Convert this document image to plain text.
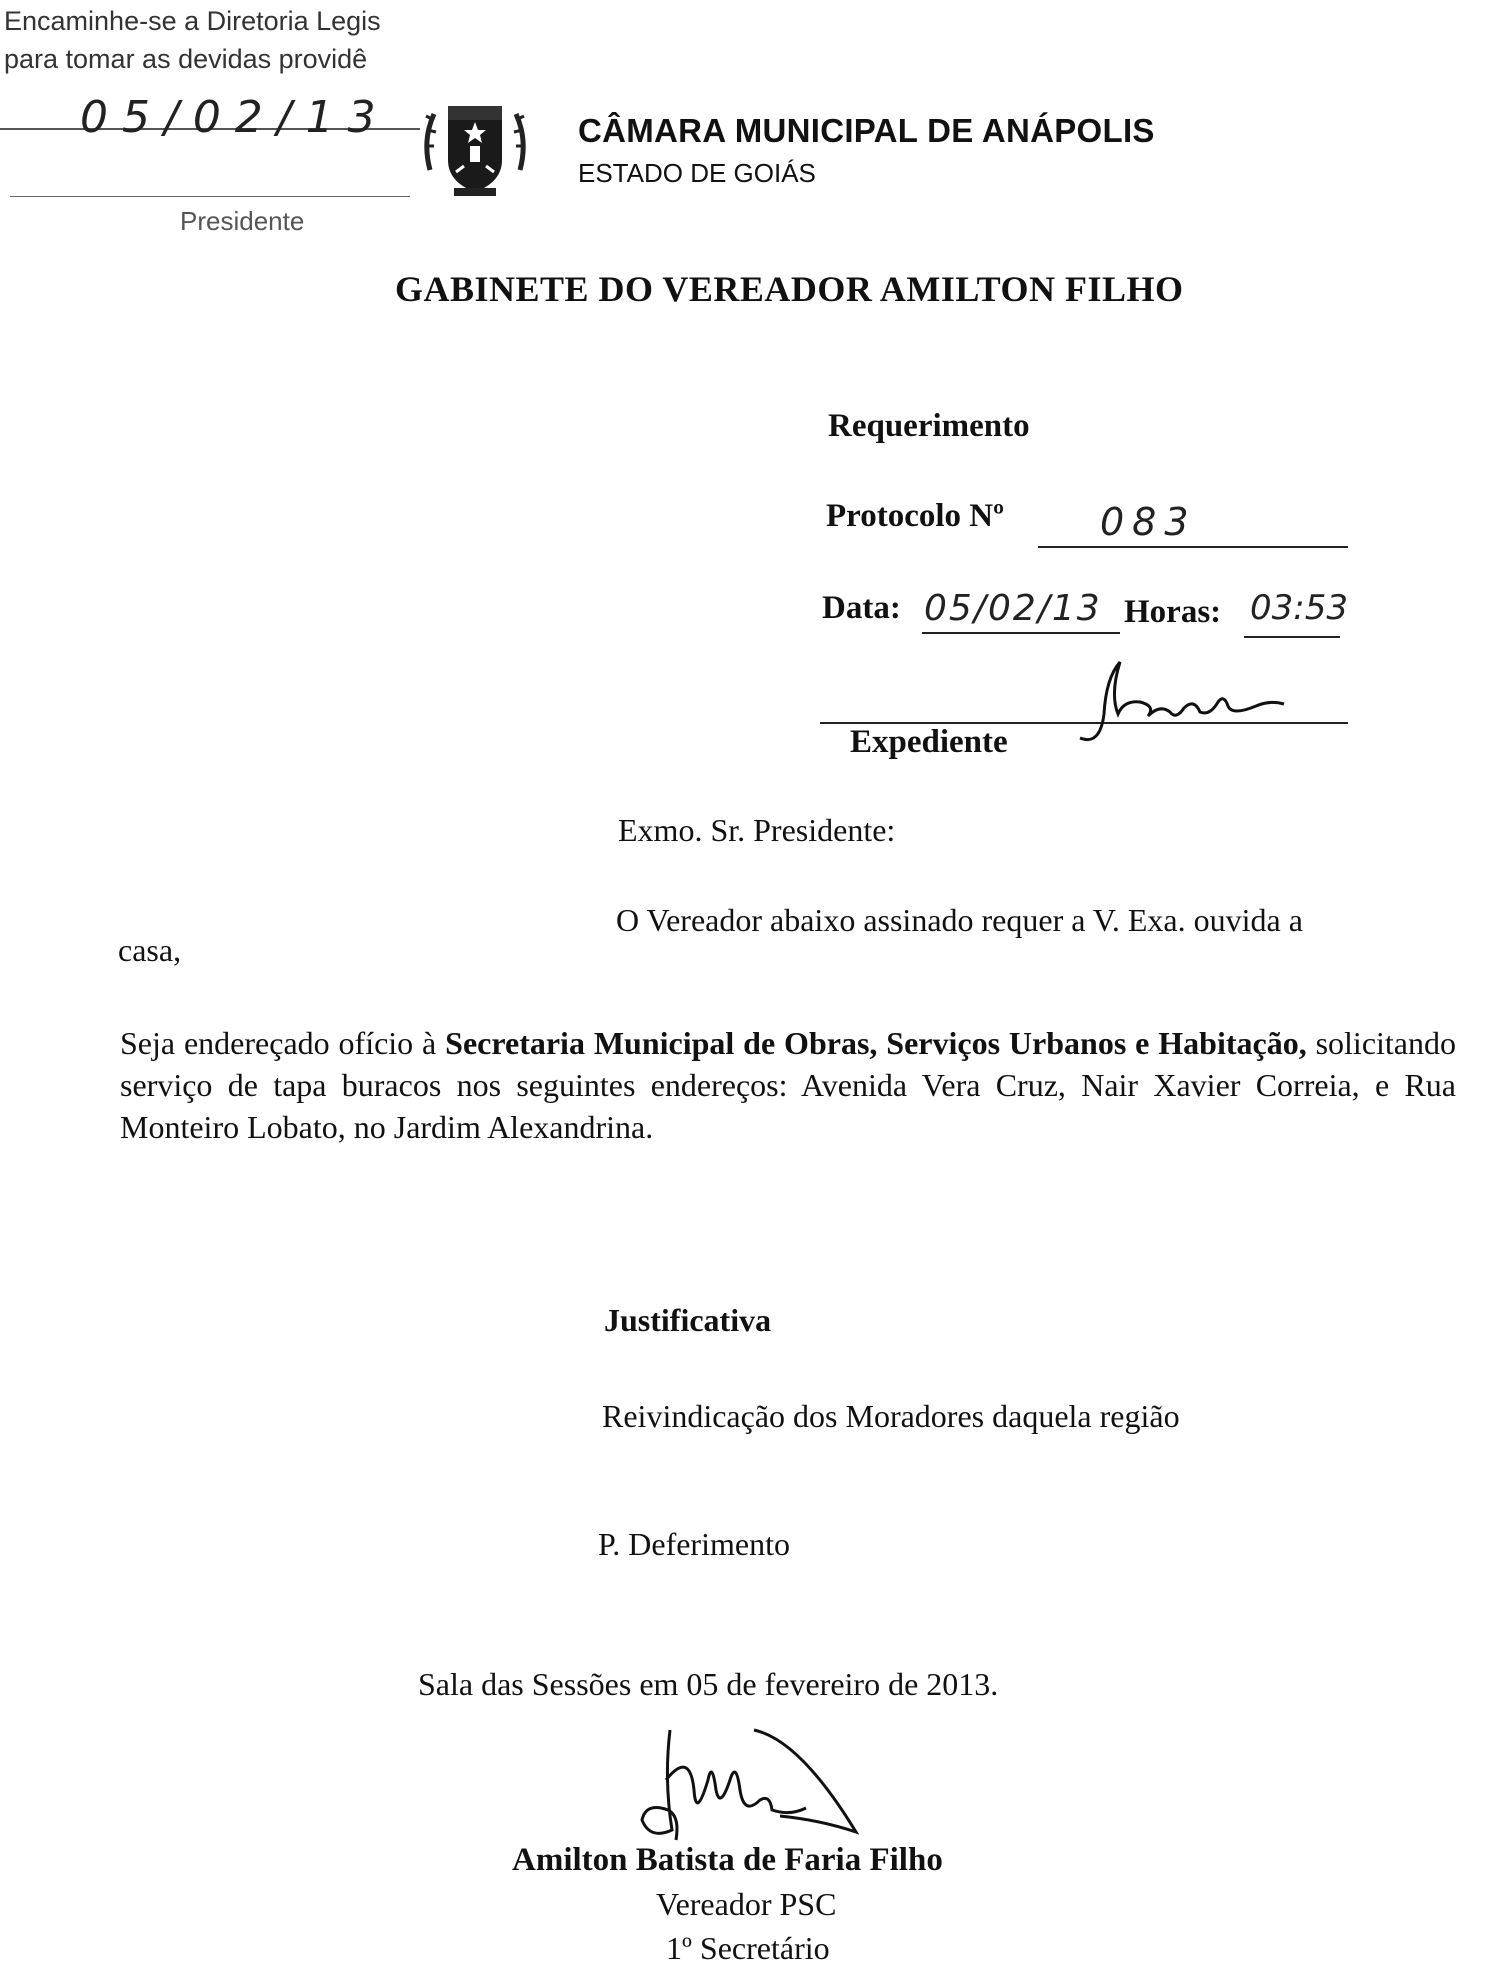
Encaminhe-se a Diretoria Legis
para tomar as devidas providê
05/02/13
Presidente
CÂMARA MUNICIPAL DE ANÁPOLIS
ESTADO DE GOIÁS
GABINETE DO VEREADOR AMILTON FILHO
Requerimento
Protocolo Nº	083
Data: 05/02/13 Horas: 03:53
Expediente
Exmo. Sr. Presidente:
O Vereador abaixo assinado requer a V. Exa. ouvida a
casa,
Seja endereçado ofício à Secretaria Municipal de Obras, Serviços Urbanos e Habitação, solicitando serviço de tapa buracos nos seguintes endereços: Avenida Vera Cruz, Nair Xavier Correia, e Rua Monteiro Lobato, no Jardim Alexandrina.
Justificativa
Reivindicação dos Moradores daquela região
P. Deferimento
Sala das Sessões em 05 de fevereiro de 2013.
Amilton Batista de Faria Filho
Vereador PSC
1º Secretário
